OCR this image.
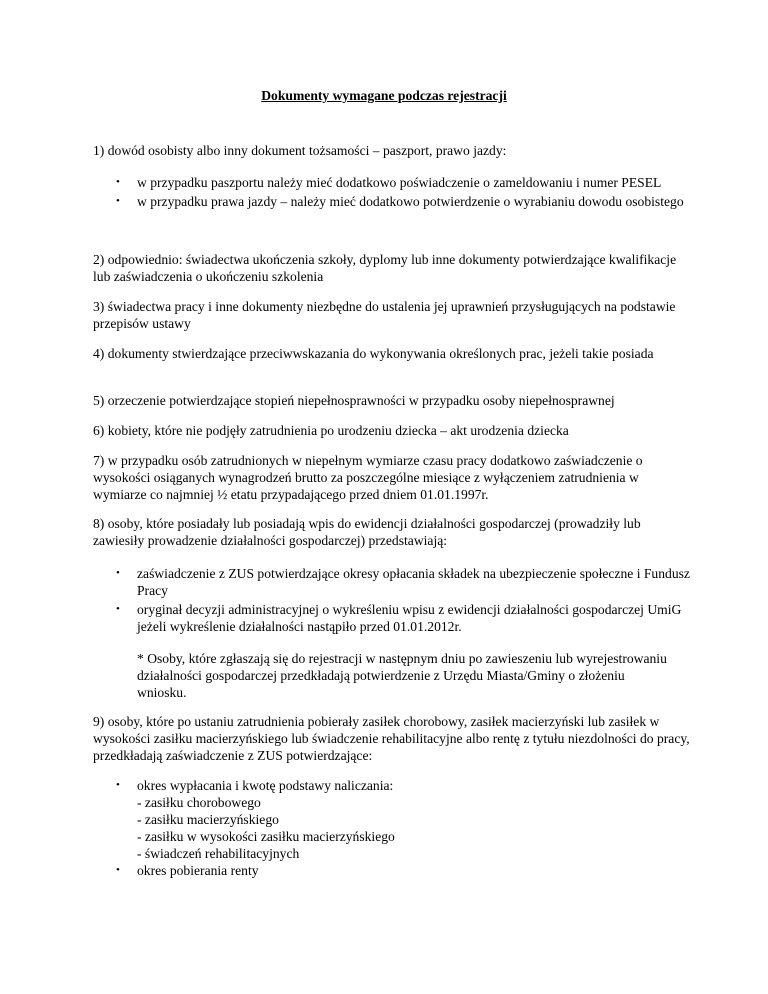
Dokumenty wymagane podczas rejestracji

1) dowód osobisty albo inny dokument tożsamości – paszport, prawo jazdy:

• w przypadku paszportu należy mieć dodatkowo poświadczenie o zameldowaniu i numer PESEL
• w przypadku prawa jazdy – należy mieć dodatkowo potwierdzenie o wyrabianiu dowodu osobistego

2) odpowiednio: świadectwa ukończenia szkoły, dyplomy lub inne dokumenty potwierdzające kwalifikacje lub zaświadczenia o ukończeniu szkolenia

3) świadectwa pracy i inne dokumenty niezbędne do ustalenia jej uprawnień przysługujących na podstawie przepisów ustawy

4) dokumenty stwierdzające przeciwwskazania do wykonywania określonych prac, jeżeli takie posiada

5) orzeczenie potwierdzające stopień niepełnosprawności w przypadku osoby niepełnosprawnej

6) kobiety, które nie podjęły zatrudnienia po urodzeniu dziecka – akt urodzenia dziecka

7) w przypadku osób zatrudnionych w niepełnym wymiarze czasu pracy dodatkowo zaświadczenie o wysokości osiąganych wynagrodzeń brutto za poszczególne miesiące z wyłączeniem zatrudnienia w wymiarze co najmniej ½ etatu przypadającego przed dniem 01.01.1997r.

8) osoby, które posiadały lub posiadają wpis do ewidencji działalności gospodarczej (prowadziły lub zawiesiły prowadzenie działalności gospodarczej) przedstawiają:

• zaświadczenie z ZUS potwierdzające okresy opłacania składek na ubezpieczenie społeczne i Fundusz Pracy
• oryginał decyzji administracyjnej o wykreśleniu wpisu z ewidencji działalności gospodarczej UmiG jeżeli wykreślenie działalności nastąpiło przed 01.01.2012r.

* Osoby, które zgłaszają się do rejestracji w następnym dniu po zawieszeniu lub wyrejestrowaniu działalności gospodarczej przedkładają potwierdzenie z Urzędu Miasta/Gminy o złożeniu wniosku.

9) osoby, które po ustaniu zatrudnienia pobierały zasiłek chorobowy, zasiłek macierzyński lub zasiłek w wysokości zasiłku macierzyńskiego lub świadczenie rehabilitacyjne albo rentę z tytułu niezdolności do pracy, przedkładają zaświadczenie z ZUS potwierdzające:

• okres wypłacania i kwotę podstawy naliczania:
- zasiłku chorobowego
- zasiłku macierzyńskiego
- zasiłku w wysokości zasiłku macierzyńskiego
- świadczeń rehabilitacyjnych
• okres pobierania renty
